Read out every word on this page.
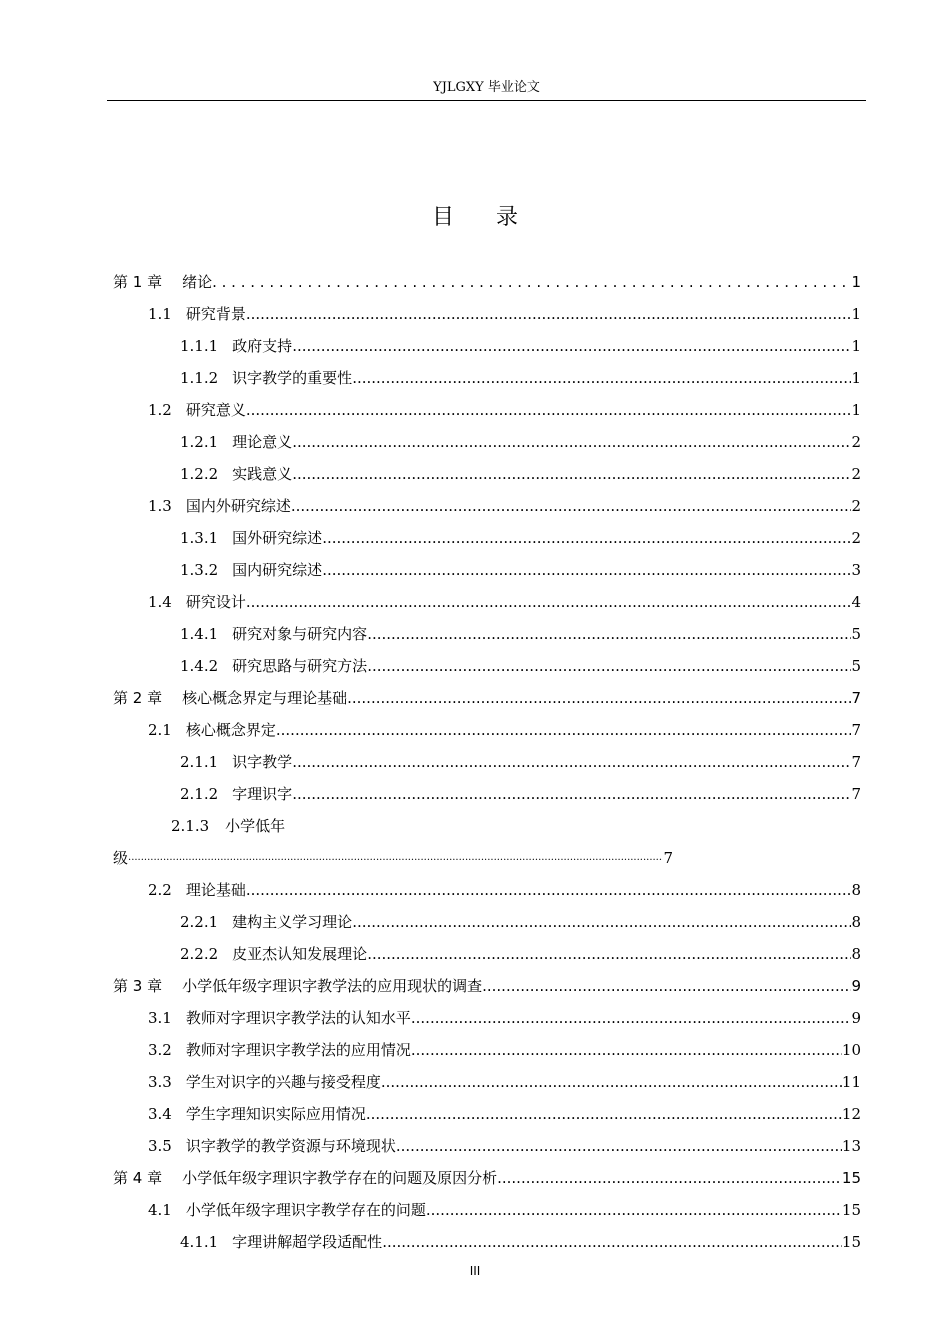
YJLGXY 毕业论文
目录
第 1 章 绪论 . . .	1
1.1 研究背景 .....	1
1.1.1 政府支持 .....	1
1.1.2 识字教学的重要性 .....	1
1.2 研究意义 .....	1
1.2.1 理论意义 .....	2
1.2.2 实践意义 .....	2
1.3 国内外研究综述 .....	2
1.3.1 国外研究综述 .....	2
1.3.2 国内研究综述 .....	3
1.4 研究设计 .....	4
1.4.1 研究对象与研究内容 .....	5
1.4.2 研究思路与研究方法 .....	5
第 2 章 核心概念界定与理论基础 .....	7
2.1 核心概念界定 .....	7
2.1.1 识字教学 .....	7
2.1.2 字理识字 .....	7
2.1.3 小学低年
级 .....	7
2.2 理论基础 .....	8
2.2.1 建构主义学习理论 .....	8
2.2.2 皮亚杰认知发展理论 .....	8
第 3 章 小学低年级字理识字教学法的应用现状的调查 .....	9
3.1 教师对字理识字教学法的认知水平 .....	9
3.2 教师对字理识字教学法的应用情况 .....	10
3.3 学生对识字的兴趣与接受程度 .....	11
3.4 学生字理知识实际应用情况 .....	12
3.5 识字教学的教学资源与环境现状 .....	13
第 4 章 小学低年级字理识字教学存在的问题及原因分析 .....	15
4.1 小学低年级字理识字教学存在的问题 .....	15
4.1.1 字理讲解超学段适配性 .....	15
III
